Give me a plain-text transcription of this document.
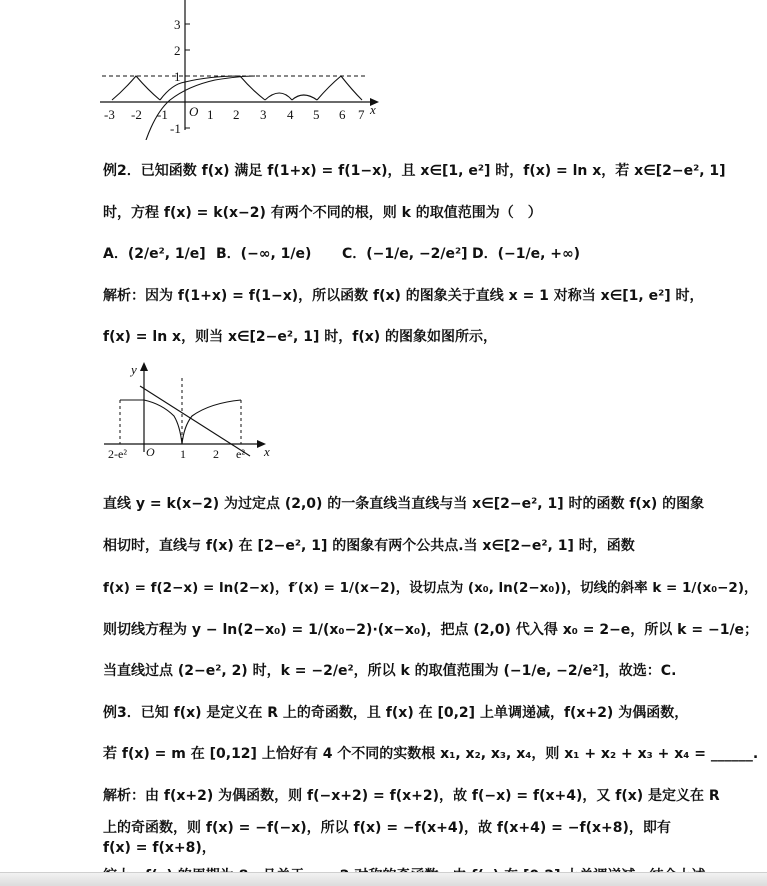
3
2
1
-1
-3 -2 -1 O 1 2 3 4 5 6 7 x
例2．已知函数 f(x) 满足 f(1+x) = f(1−x)，且 x∈[1, e²] 时，f(x) = ln x，若 x∈[2−e², 1]
时，方程 f(x) = k(x−2) 有两个不同的根，则 k 的取值范围为（　）
A．(2/e², 1/e] B．(−∞, 1/e) C．(−1/e, −2/e²] D．(−1/e, +∞)
解析：因为 f(1+x) = f(1−x)，所以函数 f(x) 的图象关于直线 x = 1 对称当 x∈[1, e²] 时，
f(x) = ln x，则当 x∈[2−e², 1] 时，f(x) 的图象如图所示，
y
x
2-e² O 1 2 e²
直线 y = k(x−2) 为过定点 (2,0) 的一条直线当直线与当 x∈[2−e², 1] 时的函数 f(x) 的图象
相切时，直线与 f(x) 在 [2−e², 1] 的图象有两个公共点.当 x∈[2−e², 1] 时，函数
f(x) = f(2−x) = ln(2−x)，f′(x) = 1/(x−2)，设切点为 (x₀, ln(2−x₀))，切线的斜率 k = 1/(x₀−2)，
则切线方程为 y − ln(2−x₀) = 1/(x₀−2)·(x−x₀)，把点 (2,0) 代入得 x₀ = 2−e，所以 k = −1/e；
当直线过点 (2−e², 2) 时，k = −2/e²，所以 k 的取值范围为 (−1/e, −2/e²]，故选：C.
例3．已知 f(x) 是定义在 R 上的奇函数，且 f(x) 在 [0,2] 上单调递减，f(x+2) 为偶函数，
若 f(x) = m 在 [0,12] 上恰好有 4 个不同的实数根 x₁, x₂, x₃, x₄，则 x₁ + x₂ + x₃ + x₄ = ______.
解析：由 f(x+2) 为偶函数，则 f(−x+2) = f(x+2)，故 f(−x) = f(x+4)，又 f(x) 是定义在 R
上的奇函数，则 f(x) = −f(−x)，所以 f(x) = −f(x+4)，故 f(x+4) = −f(x+8)，即有
f(x) = f(x+8)，
